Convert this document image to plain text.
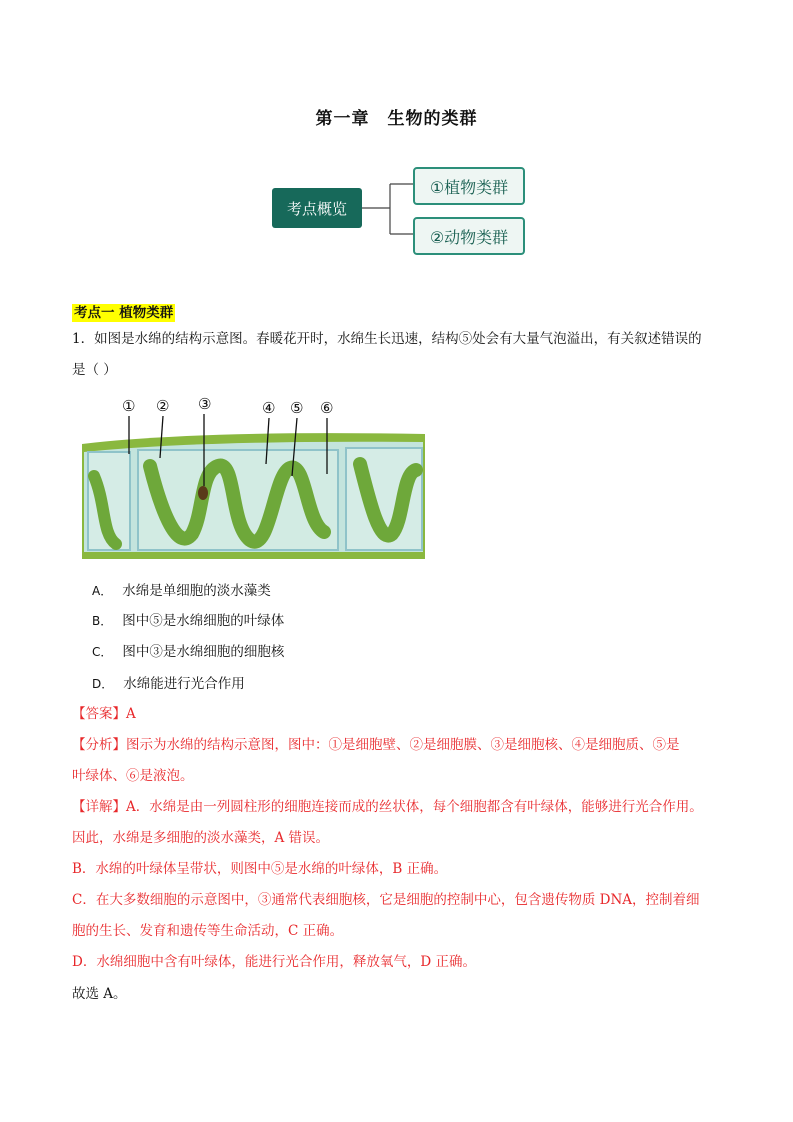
第一章 生物的类群
考点概览
①植物类群
②动物类群
考点一 植物类群
1．如图是水绵的结构示意图。春暖花开时，水绵生长迅速，结构⑤处会有大量气泡溢出，有关叙述错误的
是（ ）
① ② ③	④ ⑤ ⑥
A． 水绵是单细胞的淡水藻类
B． 图中⑤是水绵细胞的叶绿体
C． 图中③是水绵细胞的细胞核
D． 水绵能进行光合作用
【答案】A
【分析】图示为水绵的结构示意图，图中：①是细胞壁、②是细胞膜、③是细胞核、④是细胞质、⑤是
叶绿体、⑥是液泡。
【详解】A．水绵是由一列圆柱形的细胞连接而成的丝状体，每个细胞都含有叶绿体，能够进行光合作用。
因此，水绵是多细胞的淡水藻类，A 错误。
B．水绵的叶绿体呈带状，则图中⑤是水绵的叶绿体，B 正确。
C．在大多数细胞的示意图中，③通常代表细胞核，它是细胞的控制中心，包含遗传物质 DNA，控制着细
胞的生长、发育和遗传等生命活动，C 正确。
D．水绵细胞中含有叶绿体，能进行光合作用，释放氧气，D 正确。
故选 A。
